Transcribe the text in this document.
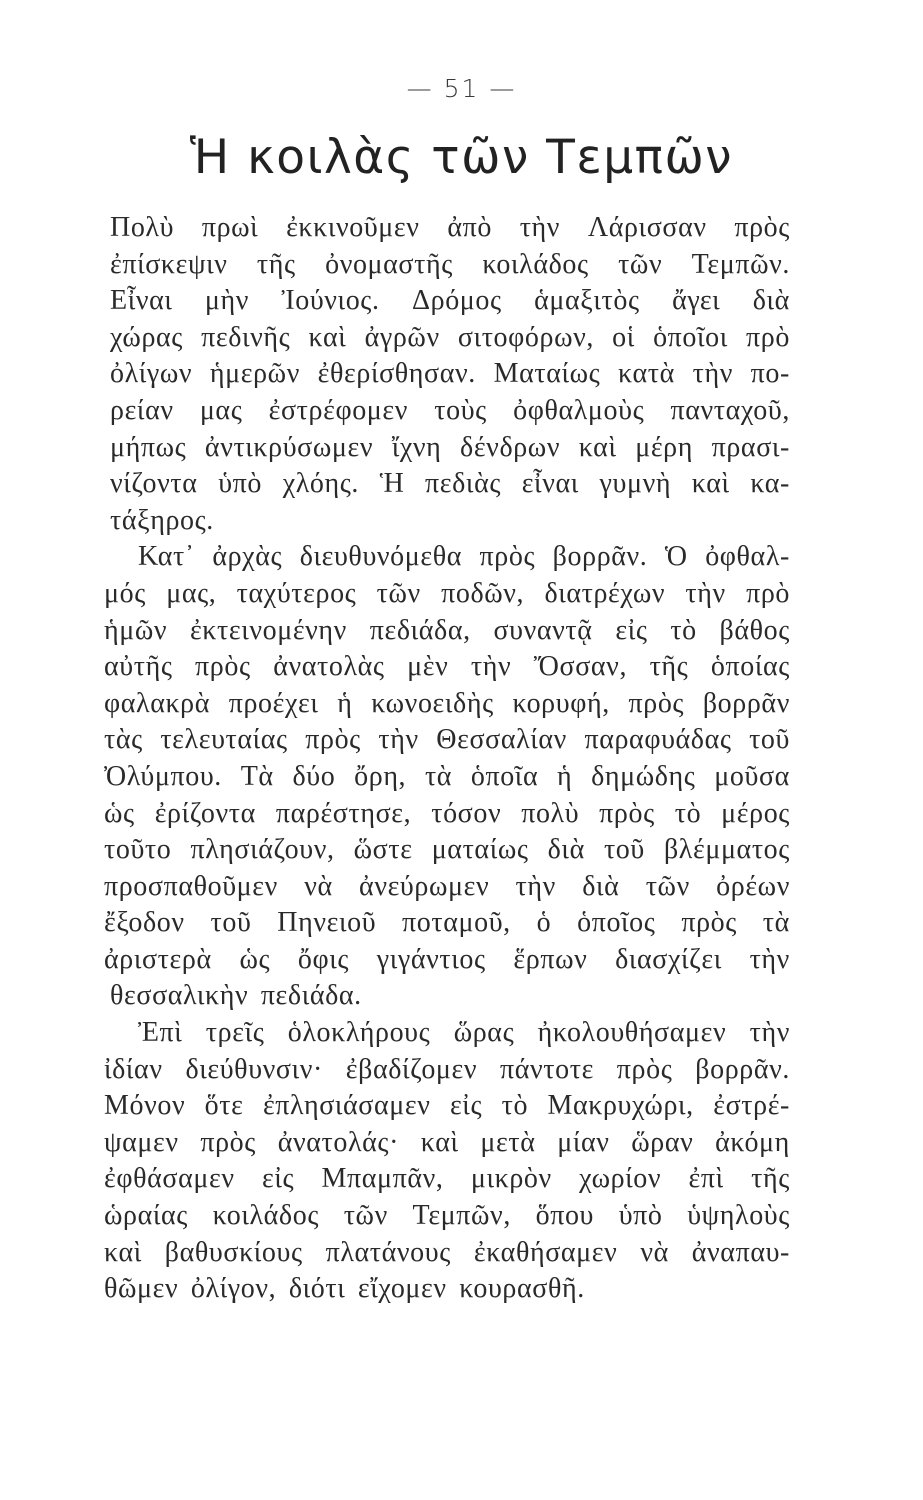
— 51 —
Ἡ κοιλὰς τῶν Τεμπῶν
Πολὺ πρωὶ ἐκκινοῦμεν ἀπὸ τὴν Λάρισσαν πρὸς
ἐπίσκεψιν τῆς ὀνομαστῆς κοιλάδος τῶν Τεμπῶν.
Εἶναι μὴν Ἰούνιος. Δρόμος ἁμαξιτὸς ἄγει διὰ
χώρας πεδινῆς καὶ ἀγρῶν σιτοφόρων, οἱ ὁποῖοι πρὸ
ὀλίγων ἡμερῶν ἐθερίσθησαν. Ματαίως κατὰ τὴν πο-
ρείαν μας ἐστρέφομεν τοὺς ὀφθαλμοὺς πανταχοῦ,
μήπως ἀντικρύσωμεν ἴχνη δένδρων καὶ μέρη πρασι-
νίζοντα ὑπὸ χλόης. Ἡ πεδιὰς εἶναι γυμνὴ καὶ κα-
τάξηρος.
Κατ᾽ ἀρχὰς διευθυνόμεθα πρὸς βορρᾶν. Ὁ ὀφθαλ-
μός μας, ταχύτερος τῶν ποδῶν, διατρέχων τὴν πρὸ
ἡμῶν ἐκτεινομένην πεδιάδα, συναντᾷ εἰς τὸ βάθος
αὐτῆς πρὸς ἀνατολὰς μὲν τὴν Ὄσσαν, τῆς ὁποίας
φαλακρὰ προέχει ἡ κωνοειδὴς κορυφή, πρὸς βορρᾶν
τὰς τελευταίας πρὸς τὴν Θεσσαλίαν παραφυάδας τοῦ
Ὀλύμπου. Τὰ δύο ὄρη, τὰ ὁποῖα ἡ δημώδης μοῦσα
ὡς ἐρίζοντα παρέστησε, τόσον πολὺ πρὸς τὸ μέρος
τοῦτο πλησιάζουν, ὥστε ματαίως διὰ τοῦ βλέμματος
προσπαθοῦμεν νὰ ἀνεύρωμεν τὴν διὰ τῶν ὀρέων
ἔξοδον τοῦ Πηνειοῦ ποταμοῦ, ὁ ὁποῖος πρὸς τὰ
ἀριστερὰ ὡς ὄφις γιγάντιος ἕρπων διασχίζει τὴν
θεσσαλικὴν πεδιάδα.
Ἐπὶ τρεῖς ὁλοκλήρους ὥρας ἠκολουθήσαμεν τὴν
ἰδίαν διεύθυνσιν· ἐβαδίζομεν πάντοτε πρὸς βορρᾶν.
Μόνον ὅτε ἐπλησιάσαμεν εἰς τὸ Μακρυχώρι, ἐστρέ-
ψαμεν πρὸς ἀνατολάς· καὶ μετὰ μίαν ὥραν ἀκόμη
ἐφθάσαμεν εἰς Μπαμπᾶν, μικρὸν χωρίον ἐπὶ τῆς
ὡραίας κοιλάδος τῶν Τεμπῶν, ὅπου ὑπὸ ὑψηλοὺς
καὶ βαθυσκίους πλατάνους ἐκαθήσαμεν νὰ ἀναπαυ-
θῶμεν ὀλίγον, διότι εἴχομεν κουρασθῆ.
